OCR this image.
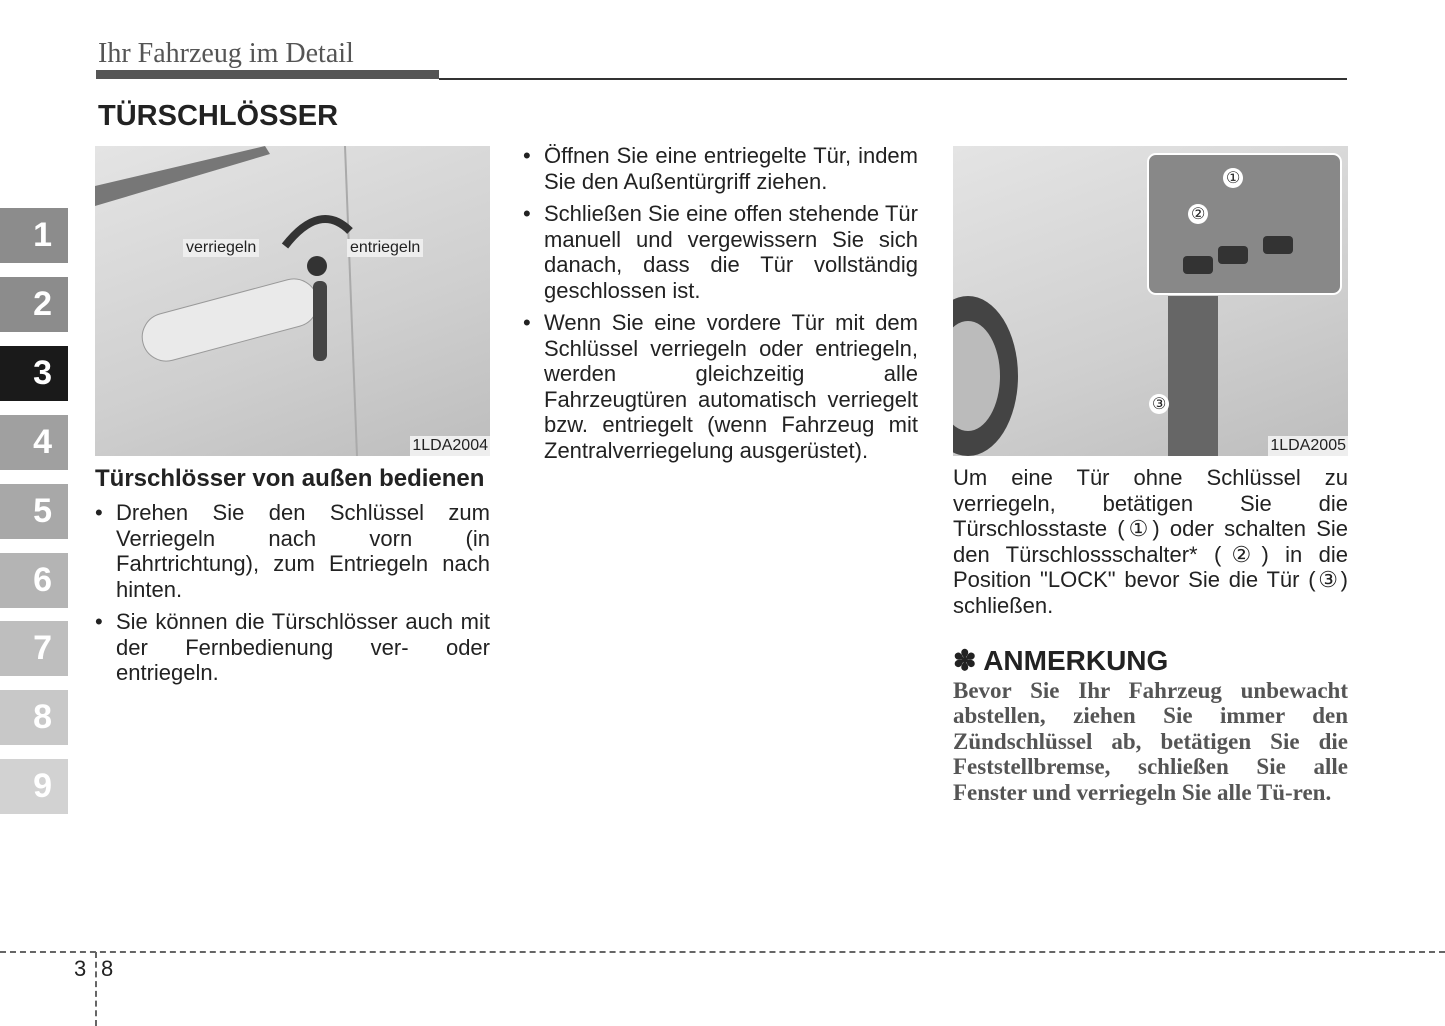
Ihr Fahrzeug im Detail
TÜRSCHLÖSSER
1
2
3
4
5
6
7
8
9
verriegeln	entriegeln
1LDA2004
①
②
③
1LDA2005
Türschlösser von außen bedienen
• Drehen Sie den Schlüssel zum Verriegeln nach vorn (in Fahrtrichtung), zum Entriegeln nach hinten.
• Sie können die Türschlösser auch mit der Fernbedienung ver- oder entriegeln.
• Öffnen Sie eine entriegelte Tür, indem Sie den Außentürgriff ziehen.
• Schließen Sie eine offen stehende Tür manuell und vergewissern Sie sich danach, dass die Tür vollständig geschlossen ist.
• Wenn Sie eine vordere Tür mit dem Schlüssel verriegeln oder entriegeln, werden gleichzeitig alle Fahrzeugtüren automatisch verriegelt bzw. entriegelt (wenn Fahrzeug mit Zentralverriegelung ausgerüstet).

Um eine Tür ohne Schlüssel zu verriegeln, betätigen Sie die Türschlosstaste (①) oder schalten Sie den Türschlossschalter* (②) in die Position "LOCK" bevor Sie die Tür (③) schließen.

✽ ANMERKUNG

Bevor Sie Ihr Fahrzeug unbewacht abstellen, ziehen Sie immer den Zündschlüssel ab, betätigen Sie die Feststellbremse, schließen Sie alle Fenster und verriegeln Sie alle Tü-ren.

3 8
